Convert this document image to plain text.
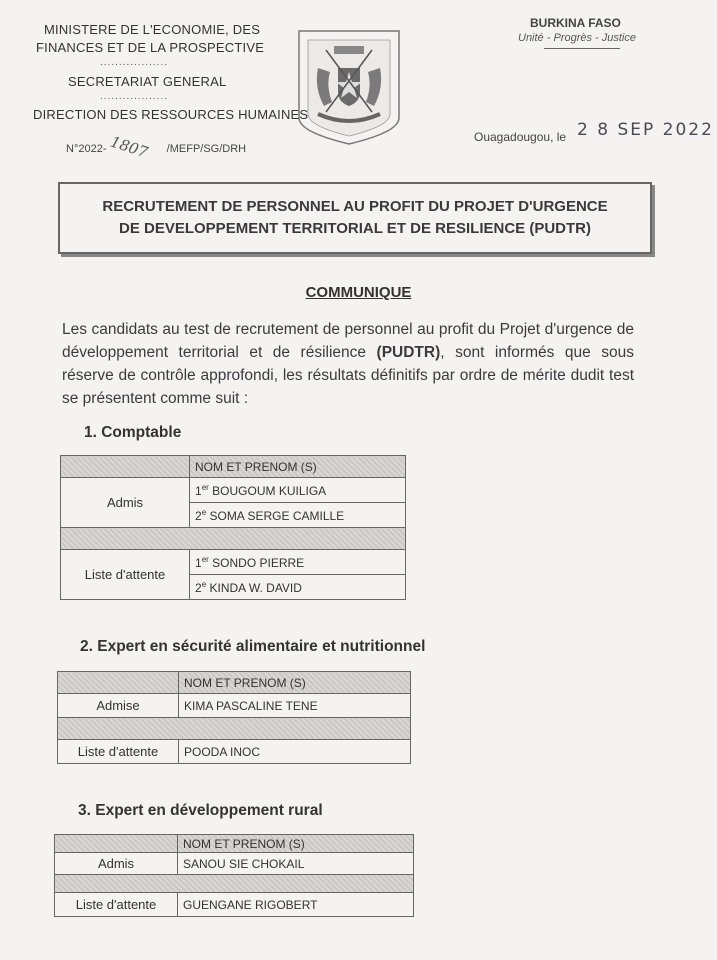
MINISTERE DE L'ECONOMIE, DES
FINANCES ET DE LA PROSPECTIVE
..................
SECRETARIAT GENERAL
..................
DIRECTION DES RESSOURCES HUMAINES
N°2022- 1807 /MEFP/SG/DRH
BURKINA FASO
Unité - Progrès - Justice
Ouagadougou, le 2 8 SEP 2022
RECRUTEMENT DE PERSONNEL AU PROFIT DU PROJET D'URGENCE
DE DEVELOPPEMENT TERRITORIAL ET DE RESILIENCE (PUDTR)
COMMUNIQUE
Les candidats au test de recrutement de personnel au profit du Projet d'urgence de développement territorial et de résilience (PUDTR), sont informés que sous réserve de contrôle approfondi, les résultats définitifs par ordre de mérite dudit test se présentent comme suit :
1. Comptable
	NOM ET PRENOM (S)
Admis	1er BOUGOUM KUILIGA
	2e SOMA SERGE CAMILLE

Liste d'attente	1er SONDO PIERRE
	2e KINDA W. DAVID
2. Expert en sécurité alimentaire et nutritionnel
	NOM ET PRENOM (S)
Admise	KIMA PASCALINE TENE

Liste d'attente	POODA INOC
3. Expert en développement rural
	NOM ET PRENOM (S)
Admis	SANOU SIE CHOKAIL

Liste d'attente	GUENGANE RIGOBERT
